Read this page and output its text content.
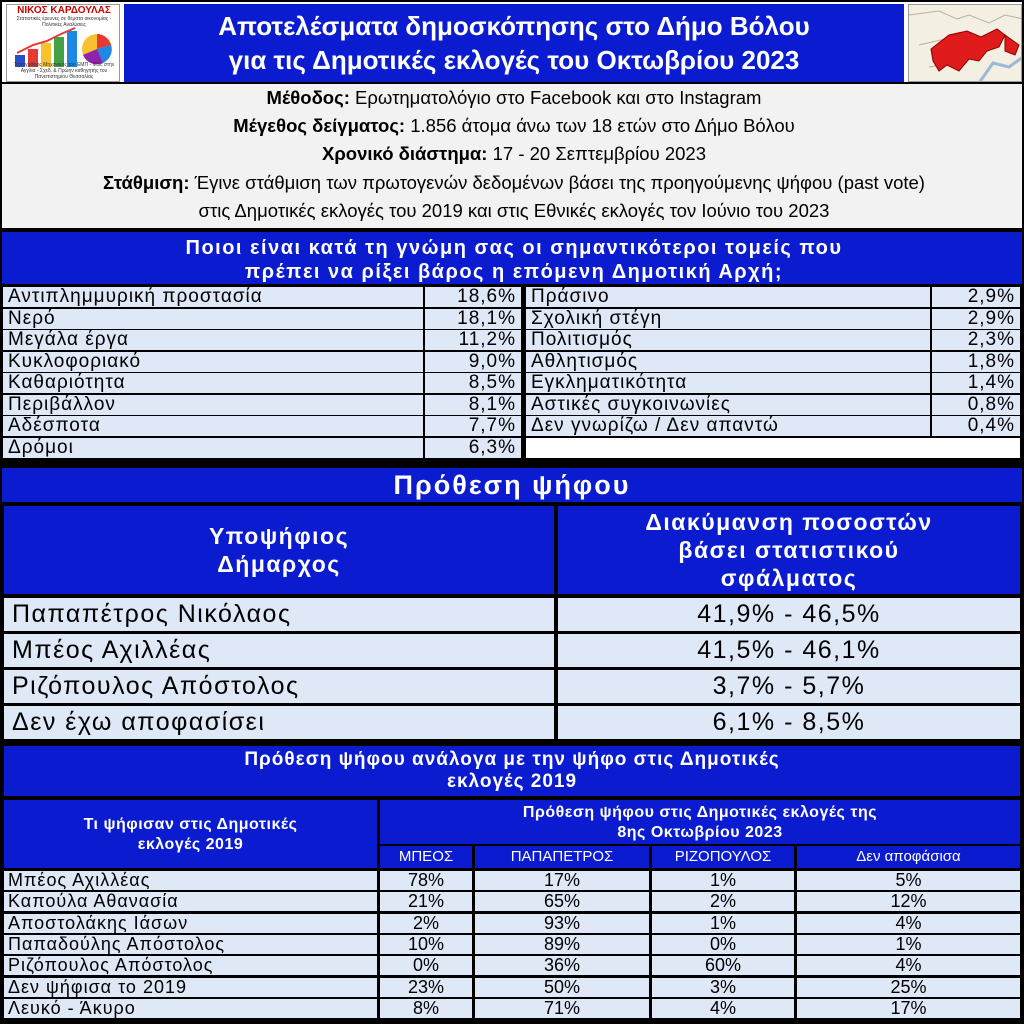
ΝΙΚΟΣ ΚΑΡΔΟΥΛΑΣ
Στατιστικές έρευνες σε θέματα οικονομίας - Πολιτικές Αναλύσεις
Τοπογράφος Μηχανικός του ΕΜΠ - MSc στην Αγγλία - Σχεδ. & Πρώην καθηγητής του Πανεπιστημίου Θεσσαλίας
Αποτελέσματα δημοσκόπησης στο Δήμο Βόλου
για τις Δημοτικές εκλογές του Οκτωβρίου 2023
Μέθοδος: Ερωτηματολόγιο στο Facebook και στο Instagram
Μέγεθος δείγματος: 1.856 άτομα άνω των 18 ετών στο Δήμο Βόλου
Χρονικό διάστημα: 17 - 20 Σεπτεμβρίου 2023
Στάθμιση: Έγινε στάθμιση των πρωτογενών δεδομένων βάσει της προηγούμενης ψήφου (past vote)
στις Δημοτικές εκλογές του 2019 και στις Εθνικές εκλογές τον Ιούνιο του 2023
Ποιοι είναι κατά τη γνώμη σας οι σημαντικότεροι τομείς που
πρέπει να ρίξει βάρος η επόμενη Δημοτική Αρχή;
Αντιπλημμυρική προστασία	18,6%
Νερό	18,1%
Μεγάλα έργα	11,2%
Κυκλοφοριακό	9,0%
Καθαριότητα	8,5%
Περιβάλλον	8,1%
Αδέσποτα	7,7%
Δρόμοι	6,3%
Πράσινο	2,9%
Σχολική στέγη	2,9%
Πολιτισμός	2,3%
Αθλητισμός	1,8%
Εγκληματικότητα	1,4%
Αστικές συγκοινωνίες	0,8%
Δεν γνωρίζω / Δεν απαντώ	0,4%
Πρόθεση ψήφου
Υποψήφιος
Δήμαρχος
Διακύμανση ποσοστών
βάσει στατιστικού
σφάλματος
Παπαπέτρος Νικόλαος	41,9% - 46,5%
Μπέος Αχιλλέας	41,5% - 46,1%
Ριζόπουλος Απόστολος	3,7% - 5,7%
Δεν έχω αποφασίσει	6,1% - 8,5%
Πρόθεση ψήφου ανάλογα με την ψήφο στις Δημοτικές
εκλογές 2019
Τι ψήφισαν στις Δημοτικές
εκλογές 2019
Πρόθεση ψήφου στις Δημοτικές εκλογές της
8ης Οκτωβρίου 2023
ΜΠΕΟΣ	ΠΑΠΑΠΕΤΡΟΣ	ΡΙΖΟΠΟΥΛΟΣ	Δεν αποφάσισα
Μπέος Αχιλλέας	78%	17%	1%	5%
Καπούλα Αθανασία	21%	65%	2%	12%
Αποστολάκης Ιάσων	2%	93%	1%	4%
Παπαδούλης Απόστολος	10%	89%	0%	1%
Ριζόπουλος Απόστολος	0%	36%	60%	4%
Δεν ψήφισα το 2019	23%	50%	3%	25%
Λευκό - Άκυρο	8%	71%	4%	17%
